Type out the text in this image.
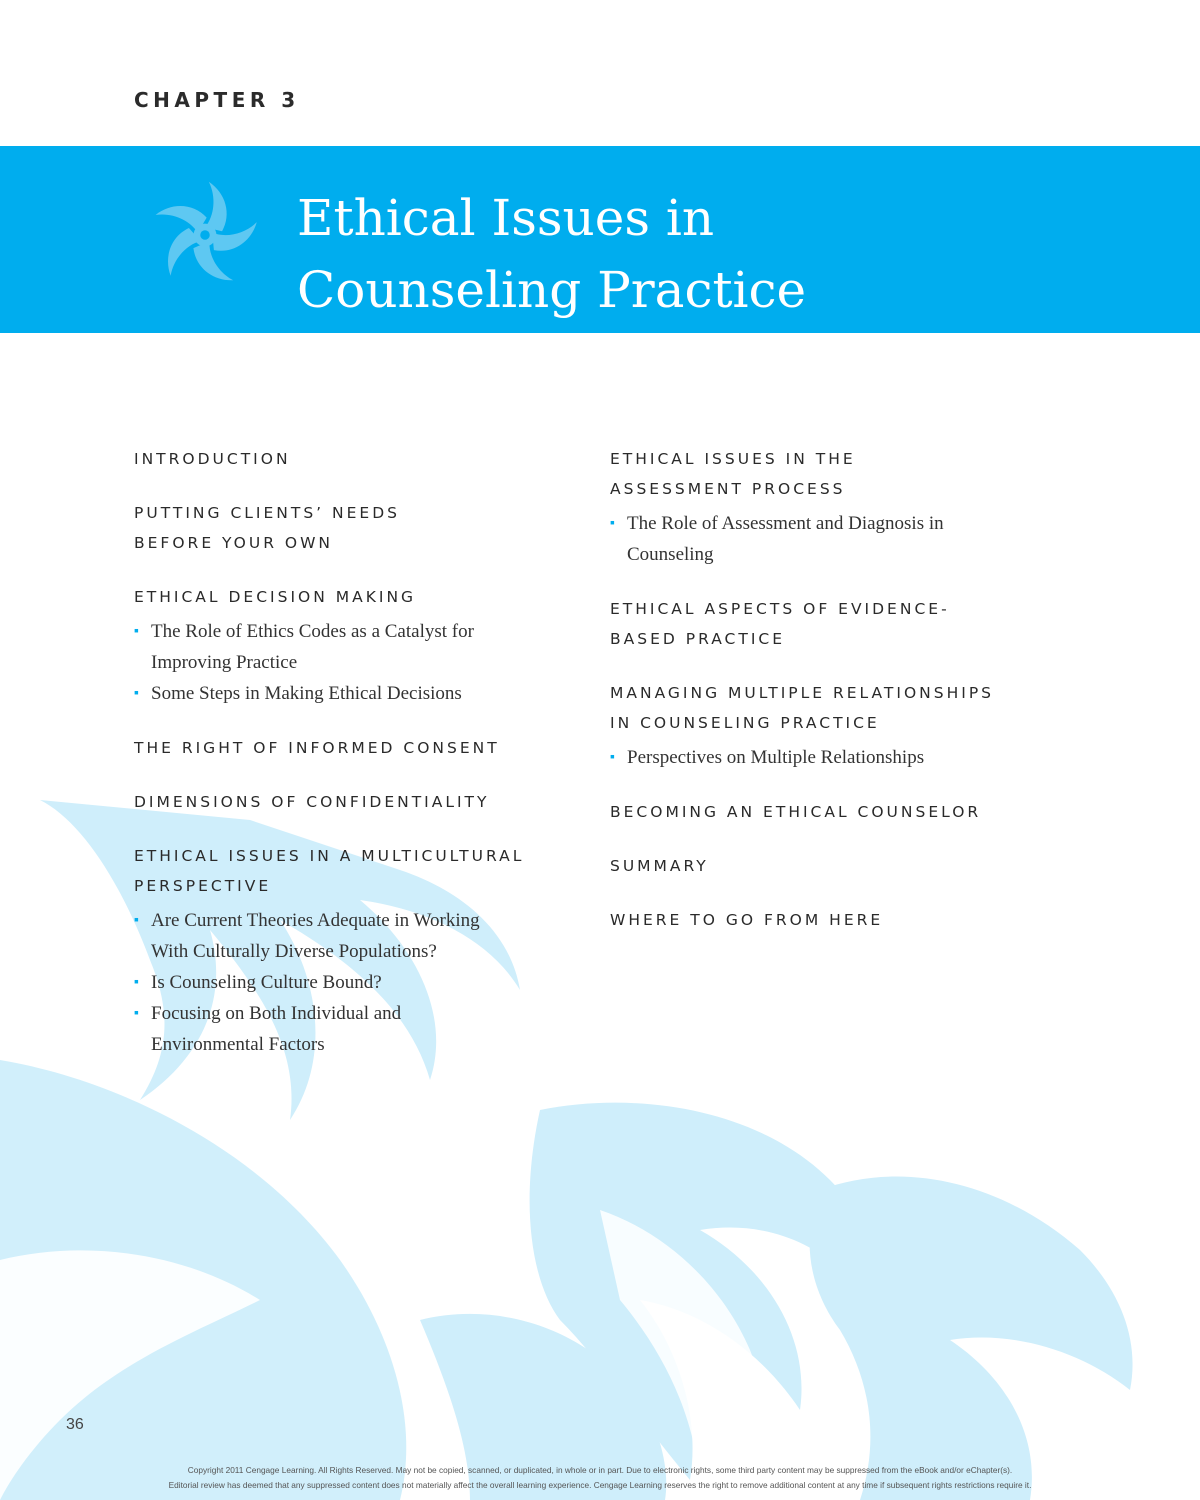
CHAPTER 3
Ethical Issues in
Counseling Practice
INTRODUCTION
PUTTING CLIENTS’ NEEDS
BEFORE YOUR OWN
ETHICAL DECISION MAKING
▪ The Role of Ethics Codes as a Catalyst for
Improving Practice
▪ Some Steps in Making Ethical Decisions
THE RIGHT OF INFORMED CONSENT
DIMENSIONS OF CONFIDENTIALITY
ETHICAL ISSUES IN A MULTICULTURAL
PERSPECTIVE
▪ Are Current Theories Adequate in Working
With Culturally Diverse Populations?
▪ Is Counseling Culture Bound?
▪ Focusing on Both Individual and
Environmental Factors
ETHICAL ISSUES IN THE
ASSESSMENT PROCESS
▪ The Role of Assessment and Diagnosis in
Counseling
ETHICAL ASPECTS OF EVIDENCE-
BASED PRACTICE
MANAGING MULTIPLE RELATIONSHIPS
IN COUNSELING PRACTICE
▪ Perspectives on Multiple Relationships
BECOMING AN ETHICAL COUNSELOR
SUMMARY
WHERE TO GO FROM HERE
36
Copyright 2011 Cengage Learning. All Rights Reserved. May not be copied, scanned, or duplicated, in whole or in part. Due to electronic rights, some third party content may be suppressed from the eBook and/or eChapter(s).
Editorial review has deemed that any suppressed content does not materially affect the overall learning experience. Cengage Learning reserves the right to remove additional content at any time if subsequent rights restrictions require it.
